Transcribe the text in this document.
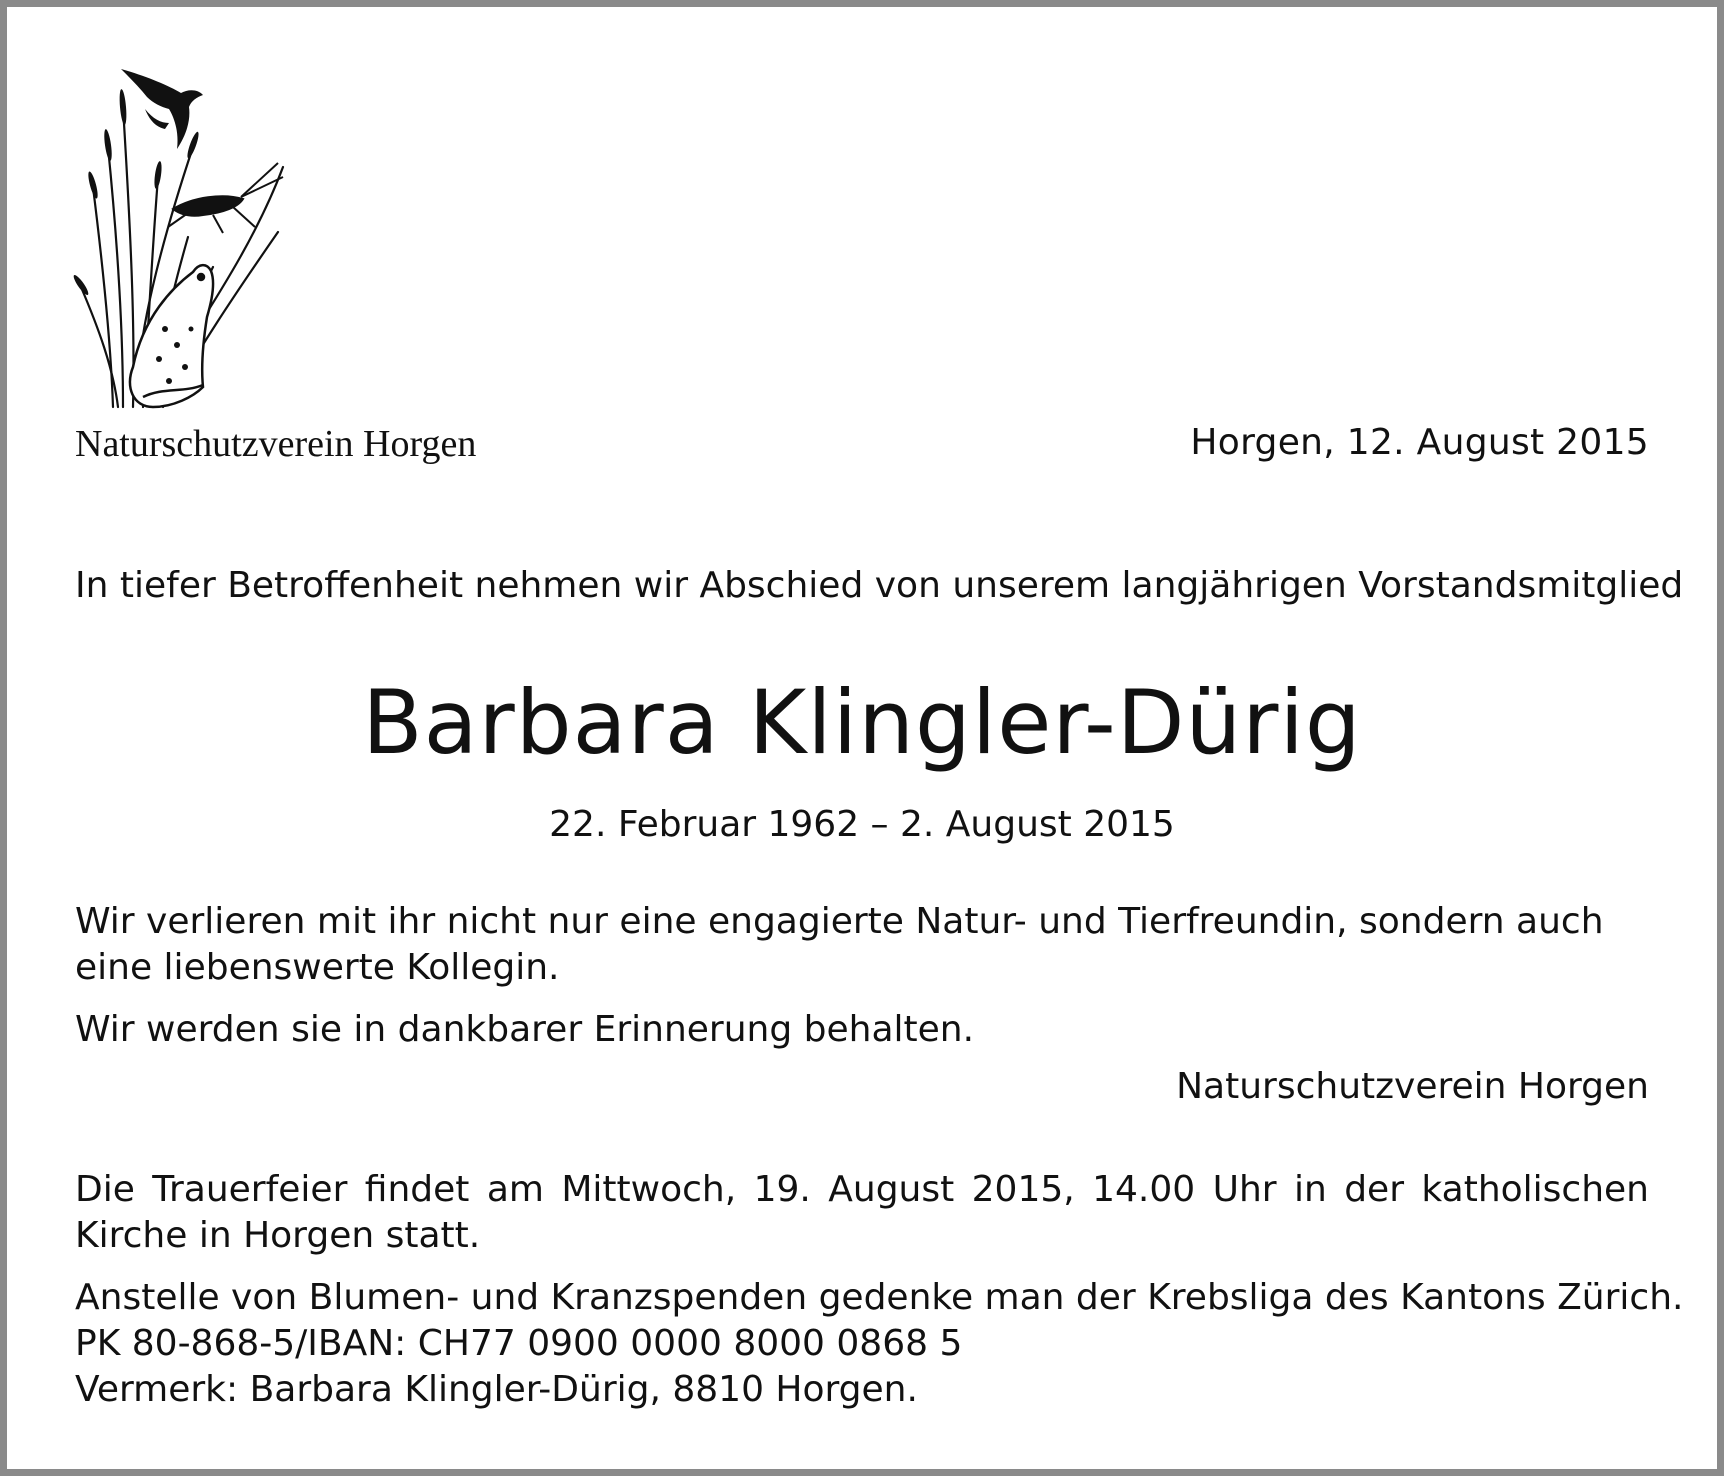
Naturschutzverein Horgen	Horgen, 12. August 2015
In tiefer Betroffenheit nehmen wir Abschied von unserem langjährigen Vorstandsmitglied
Barbara Klingler-Dürig
22. Februar 1962 – 2. August 2015
Wir verlieren mit ihr nicht nur eine engagierte Natur- und Tierfreundin, sondern auch eine liebenswerte Kollegin.
Wir werden sie in dankbarer Erinnerung behalten.
Naturschutzverein Horgen
Die Trauerfeier findet am Mittwoch, 19. August 2015, 14.00 Uhr in der katholischen Kirche in Horgen statt.
Anstelle von Blumen- und Kranzspenden gedenke man der Krebsliga des Kantons Zürich.
PK 80-868-5/IBAN: CH77 0900 0000 8000 0868 5
Vermerk: Barbara Klingler-Dürig, 8810 Horgen.
